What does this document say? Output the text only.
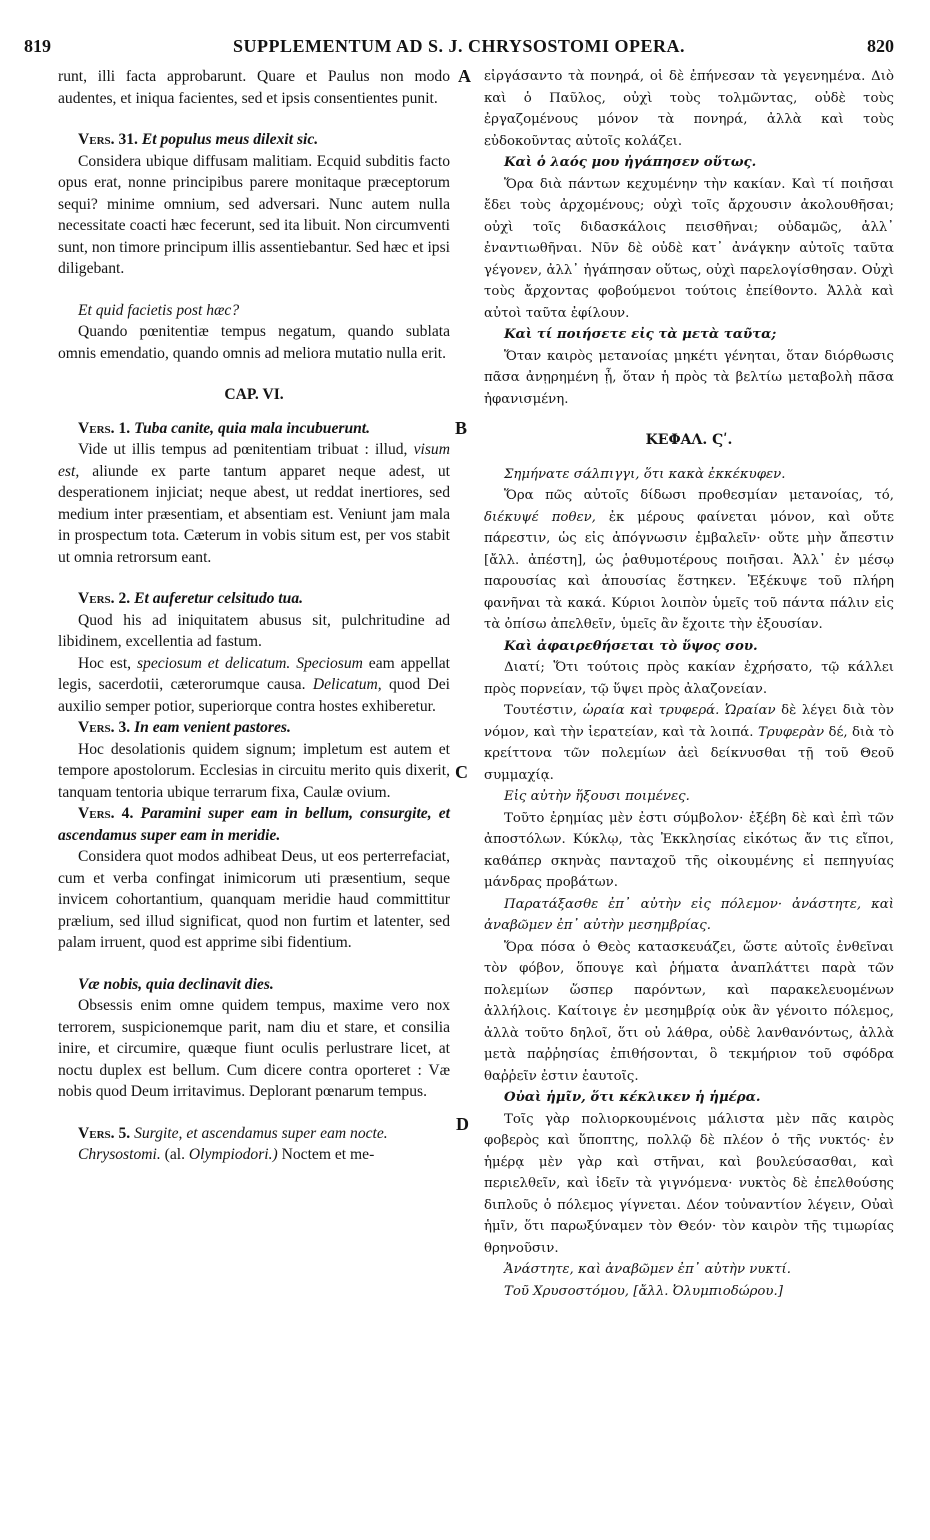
819	SUPPLEMENTUM AD S. J. CHRYSOSTOMI OPERA.	820
A
B
C
D

runt, illi facta approbarunt. Quare et Paulus non modo audentes, et iniqua facientes, sed et ipsis consentientes punit.

Vers. 31. Et populus meus dilexit sic.

Considera ubique diffusam malitiam. Ecquid subditis facto opus erat, nonne principibus parere monitaque præceptorum sequi? minime omnium, sed adversari. Nunc autem nulla necessitate coacti hæc fecerunt, sed ita libuit. Non circumventi sunt, non timore principum illis assentiebantur. Sed hæc et ipsi diligebant.

Et quid facietis post hæc?

Quando pœnitentiæ tempus negatum, quando sublata omnis emendatio, quando omnis ad meliora mutatio nulla erit.

CAP. VI.

Vers. 1. Tuba canite, quia mala incubuerunt.

Vide ut illis tempus ad pœnitentiam tribuat : illud, visum est, aliunde ex parte tantum apparet neque adest, ut desperationem injiciat; neque abest, ut reddat inertiores, sed medium inter præsentiam, et absentiam est. Veniunt jam mala in prospectum tota. Cæterum in vobis situm est, per vos stabit ut omnia retrorsum eant.

Vers. 2. Et auferetur celsitudo tua.

Quod his ad iniquitatem abusus sit, pulchritudine ad libidinem, excellentia ad fastum.

Hoc est, speciosum et delicatum. Speciosum eam appellat legis, sacerdotii, cæterorumque causa. Delicatum, quod Dei auxilio semper potior, superiorque contra hostes exhiberetur.

Vers. 3. In eam venient pastores.

Hoc desolationis quidem signum; impletum est autem et tempore apostolorum. Ecclesias in circuitu merito quis dixerit, tanquam tentoria ubique terrarum fixa, Caulæ ovium.

Vers. 4. Paramini super eam in bellum, consurgite, et ascendamus super eam in meridie.

Considera quot modos adhibeat Deus, ut eos perterrefaciat, cum et verba confingat inimicorum uti præsentium, seque invicem cohortantium, quanquam meridie haud committitur prælium, sed illud significat, quod non furtim et latenter, sed palam irruent, quod est apprime sibi fidentium.

Væ nobis, quia declinavit dies.

Obsessis enim omne quidem tempus, maxime vero nox terrorem, suspicionemque parit, nam diu et stare, et consilia inire, et circumire, quæque fiunt oculis perlustrare licet, at noctu duplex est bellum. Cum dicere contra oporteret : Væ nobis quod Deum irritavimus. Deplorant pœnarum tempus.

Vers. 5. Surgite, et ascendamus super eam nocte.

Chrysostomi. (al. Olympiodori.) Noctem et me-

εἰργάσαντο τὰ πονηρά, οἱ δὲ ἐπήνεσαν τὰ γεγενημένα. Διὸ καὶ ὁ Παῦλος, οὐχὶ τοὺς τολμῶντας, οὐδὲ τοὺς ἐργαζομένους μόνον τὰ πονηρά, ἀλλὰ καὶ τοὺς εὐδοκοῦντας αὐτοῖς κολάζει.

Καὶ ὁ λαός μου ἠγάπησεν οὕτως.

Ὅρα διὰ πάντων κεχυμένην τὴν κακίαν. Καὶ τί ποιῆσαι ἔδει τοὺς ἀρχομένους; οὐχὶ τοῖς ἄρχουσιν ἀκολουθῆσαι; οὐχὶ τοῖς διδασκάλοις πεισθῆναι; οὐδαμῶς, ἀλλ᾽ ἐναντιωθῆναι. Νῦν δὲ οὐδὲ κατ᾽ ἀνάγκην αὐτοῖς ταῦτα γέγονεν, ἀλλ᾽ ἠγάπησαν οὕτως, οὐχὶ παρελογίσθησαν. Οὐχὶ τοὺς ἄρχοντας φοβούμενοι τούτοις ἐπείθοντο. Ἀλλὰ καὶ αὐτοὶ ταῦτα ἐφίλουν.

Καὶ τί ποιήσετε εἰς τὰ μετὰ ταῦτα;

Ὅταν καιρὸς μετανοίας μηκέτι γένηται, ὅταν διόρθωσις πᾶσα ἀνῃρημένη ᾖ, ὅταν ἡ πρὸς τὰ βελτίω μεταβολὴ πᾶσα ἠφανισμένη.

ΚΕΦΑΛ. Ϛʹ.

Σημήνατε σάλπιγγι, ὅτι κακὰ ἐκκέκυφεν.

Ὅρα πῶς αὐτοῖς δίδωσι προθεσμίαν μετανοίας, τό, διέκυψέ ποθεν, ἐκ μέρους φαίνεται μόνον, καὶ οὔτε πάρεστιν, ὡς εἰς ἀπόγνωσιν ἐμβαλεῖν· οὔτε μὴν ἄπεστιν [ἄλλ. ἀπέστη], ὡς ῥαθυμοτέρους ποιῆσαι. Ἀλλ᾽ ἐν μέσῳ παρουσίας καὶ ἀπουσίας ἕστηκεν. Ἐξέκυψε τοῦ πλήρη φανῆναι τὰ κακά. Κύριοι λοιπὸν ὑμεῖς τοῦ πάντα πάλιν εἰς τὰ ὀπίσω ἀπελθεῖν, ὑμεῖς ἂν ἔχοιτε τὴν ἐξουσίαν.

Καὶ ἀφαιρεθήσεται τὸ ὕψος σου.

Διατί; Ὅτι τούτοις πρὸς κακίαν ἐχρήσατο, τῷ κάλλει πρὸς πορνείαν, τῷ ὕψει πρὸς ἀλαζονείαν.

Τουτέστιν, ὡραία καὶ τρυφερά. Ὡραίαν δὲ λέγει διὰ τὸν νόμον, καὶ τὴν ἱερατείαν, καὶ τὰ λοιπά. Τρυφερὰν δέ, διὰ τὸ κρείττονα τῶν πολεμίων ἀεὶ δείκνυσθαι τῇ τοῦ Θεοῦ συμμαχίᾳ.

Εἰς αὐτὴν ἥξουσι ποιμένες.

Τοῦτο ἐρημίας μὲν ἐστι σύμβολον· ἐξέβη δὲ καὶ ἐπὶ τῶν ἀποστόλων. Κύκλῳ, τὰς Ἐκκλησίας εἰκότως ἄν τις εἴποι, καθάπερ σκηνὰς πανταχοῦ τῆς οἰκουμένης εἰ πεπηγυίας μάνδρας προβάτων.

Παρατάξασθε ἐπ᾽ αὐτὴν εἰς πόλεμον· ἀνάστητε, καὶ ἀναβῶμεν ἐπ᾽ αὐτὴν μεσημβρίας.

Ὅρα πόσα ὁ Θεὸς κατασκευάζει, ὥστε αὐτοῖς ἐνθεῖναι τὸν φόβον, ὅπουγε καὶ ῥήματα ἀναπλάττει παρὰ τῶν πολεμίων ὥσπερ παρόντων, καὶ παρακελευομένων ἀλλήλοις. Καίτοιγε ἐν μεσημβρίᾳ οὐκ ἂν γένοιτο πόλεμος, ἀλλὰ τοῦτο δηλοῖ, ὅτι οὐ λάθρα, οὐδὲ λανθανόντως, ἀλλὰ μετὰ παῤῥησίας ἐπιθήσονται, ὃ τεκμήριον τοῦ σφόδρα θαῤῥεῖν ἐστιν ἑαυτοῖς.

Οὐαὶ ἡμῖν, ὅτι κέκλικεν ἡ ἡμέρα.

Τοῖς γὰρ πολιορκουμένοις μάλιστα μὲν πᾶς καιρὸς φοβερὸς καὶ ὕποπτης, πολλῷ δὲ πλέον ὁ τῆς νυκτός· ἐν ἡμέρᾳ μὲν γὰρ καὶ στῆναι, καὶ βουλεύσασθαι, καὶ περιελθεῖν, καὶ ἰδεῖν τὰ γιγνόμενα· νυκτὸς δὲ ἐπελθούσης διπλοῦς ὁ πόλεμος γίγνεται. Δέον τοὐναντίον λέγειν, Οὐαὶ ἡμῖν, ὅτι παρωξύναμεν τὸν Θεόν· τὸν καιρὸν τῆς τιμωρίας θρηνοῦσιν.

Ἀνάστητε, καὶ ἀναβῶμεν ἐπ᾽ αὐτὴν νυκτί.

Τοῦ Χρυσοστόμου, [ἄλλ. Ὀλυμπιοδώρου.]
